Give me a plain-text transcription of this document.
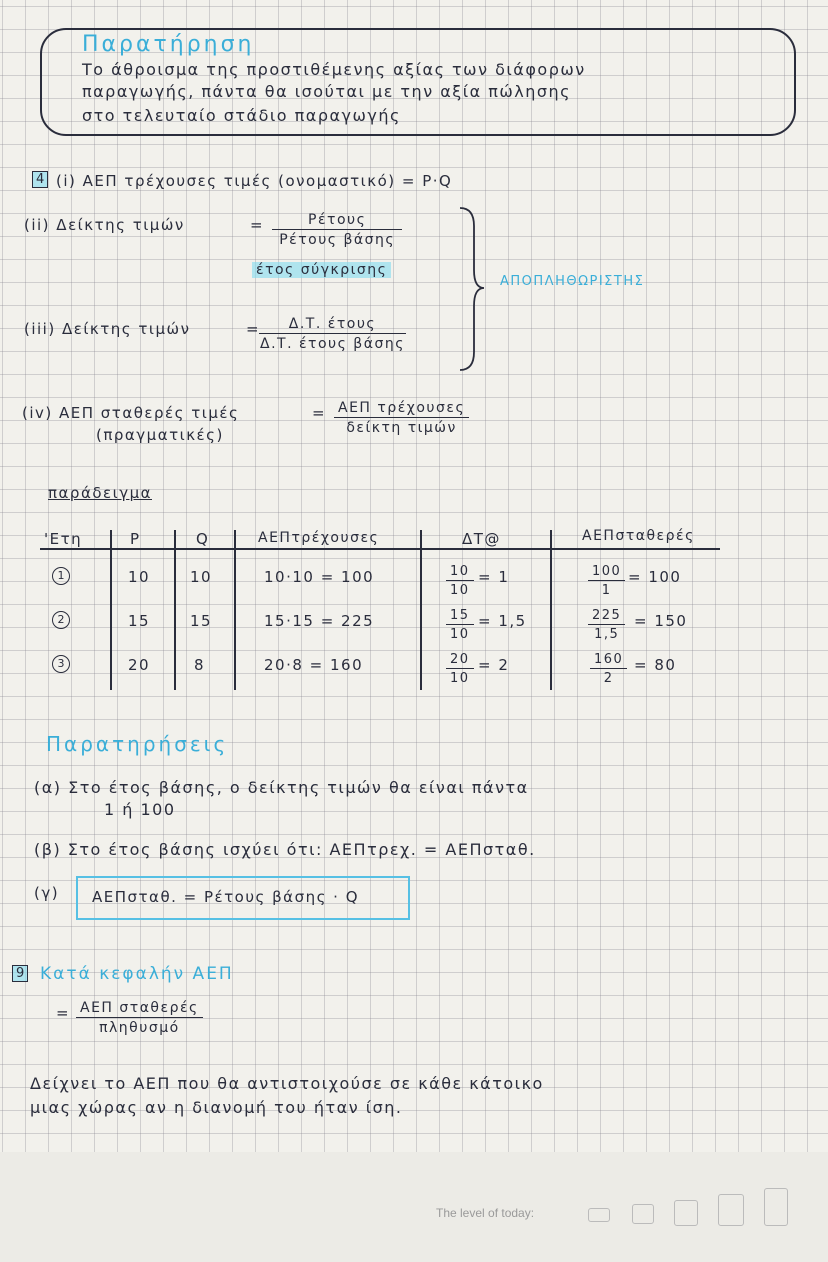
Παρατήρηση
Το άθροισμα της προστιθέμενης αξίας των διάφορων
παραγωγής, πάντα θα ισούται με την αξία πώλησης
στο τελευταίο στάδιο παραγωγής
4 (i) ΑΕΠ τρέχουσες τιμές (ονομαστικό) = P·Q
(ii) Δείκτης τιμών	=	Ρέτους
Ρέτους βάσης
έτος σύγκρισης
ΑΠΟΠΛΗΘΩΡΙΣΤΗΣ
(iii) Δείκτης τιμών	=	Δ.Τ. έτους
Δ.Τ. έτους βάσης
(iv) ΑΕΠ σταθερές τιμές
(πραγματικές)
= ΑΕΠ τρέχουσες
δείκτη τιμών
παράδειγμα
'Ετη	P	Q	ΑΕΠτρέχουσες	ΔΤ@	ΑΕΠσταθερές
1	10	10	10·10 = 100	$\frac{10}{10} = 1$	$\frac{100}{1} = 100$
2	15	15	15·15 = 225	$\frac{15}{10} = 1,5$	$\frac{225}{1,5} = 150$
3	20	8	20·8 = 160	$\frac{20}{10} = 2$	$\frac{160}{2} = 80$
Παρατηρήσεις
(α) Στο έτος βάσης, ο δείκτης τιμών θα είναι πάντα
1 ή 100
(β) Στο έτος βάσης ισχύει ότι: ΑΕΠτρεχ. = ΑΕΠσταθ.
(γ) ΑΕΠσταθ. = Ρέτους βάσης · Q
9 Κατά κεφαλήν ΑΕΠ
= ΑΕΠ σταθερές
πληθυσμό
Δείχνει το ΑΕΠ που θα αντιστοιχούσε σε κάθε κάτοικο
μιας χώρας αν η διανομή του ήταν ίση.
The level of today:
